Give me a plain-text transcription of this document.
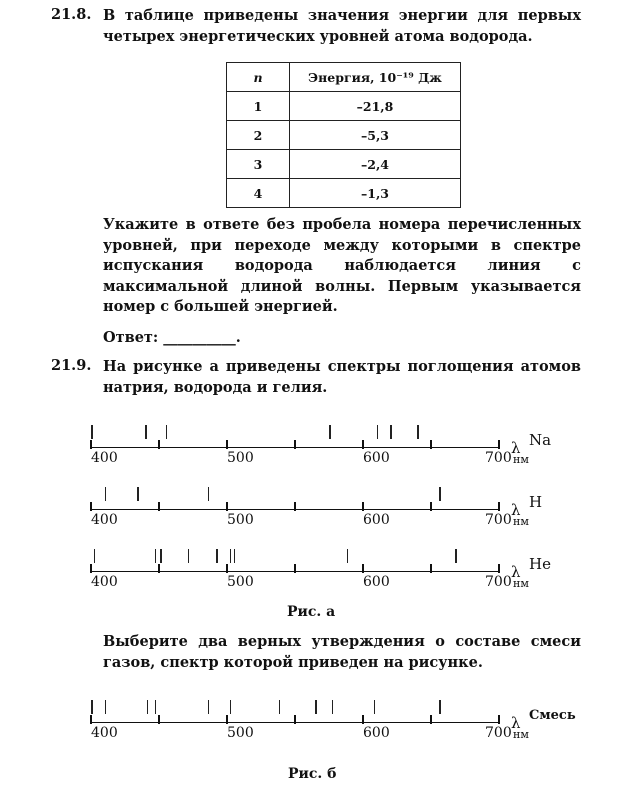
21.8. В таблице приведены значения энергии для первых четырех энергетических уровней атома водорода.
n	Энергия, 10⁻¹⁹ Дж
1	–21,8
2	–5,3
3	–2,4
4	–1,3
Укажите в ответе без пробела номера перечисленных уровней, при переходе между которыми в спектре испускания водорода наблюдается линия с максимальной длиной волны. Первым указывается номер с большей энергией.
Ответ: __________.
21.9. На рисунке а приведены спектры поглощения атомов натрия, водорода и гелия.
400	500	600	700 нм
λ Na
400	500	600	700 нм
λ H
400	500	600	700 нм
λ He
Рис. а
Выберите два верных утверждения о составе смеси газов, спектр которой приведен на рисунке.
400	500	600	700 нм
λ Смесь
Рис. б
